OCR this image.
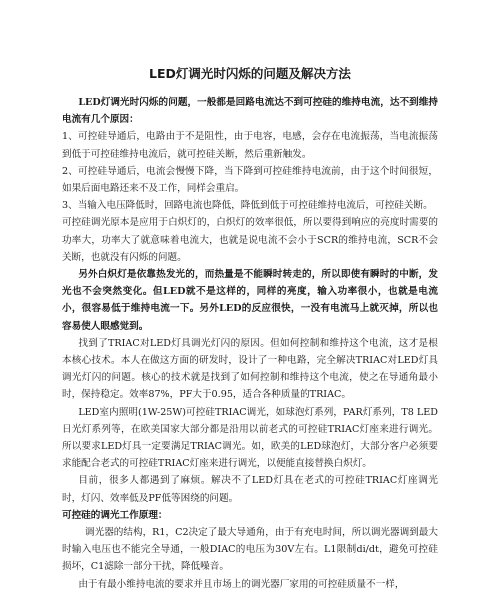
LED灯调光时闪烁的问题及解决方法

LED灯调光时闪烁的问题，一般都是回路电流达不到可控硅的维持电流，达不到维持电流有几个原因：

1、可控硅导通后，电路由于不是阻性，由于电容，电感，会存在电流振荡，当电流振荡到低于可控硅维持电流后，就可控硅关断，然后重新触发。

2、可控硅导通后，电流会慢慢下降，当下降到可控硅维持电流前，由于这个时间很短，如果后面电路还来不及工作，同样会重启。

3、当输入电压降低时，回路电流也降低，降低到低于可控硅维持电流后，可控硅关断。

可控硅调光原本是应用于白炽灯的，白炽灯的效率很低，所以要得到响应的亮度时需要的功率大，功率大了就意味着电流大，也就是说电流不会小于SCR的维持电流，SCR不会关断，也就没有闪烁的问题。

另外白炽灯是依靠热发光的，而热量是不能瞬时转走的，所以即使有瞬时的中断，发光也不会突然变化。但LED就不是这样的，同样的亮度，输入功率很小，也就是电流小，很容易低于维持电流一下。另外LED的反应很快，一没有电流马上就灭掉，所以也容易使人眼感觉到。

找到了TRIAC对LED灯具调光灯闪的原因。但如何控制和维持这个电流，这才是根本核心技术。本人在做这方面的研发时，设计了一种电路，完全解决TRIAC对LED灯具调光灯闪的问题。核心的技术就是找到了如何控制和维持这个电流，使之在导通角最小时，保持稳定。效率87%，PF大于0.95，适合各种质量的TRIAC。

LED室内照明(1W-25W)可控硅TRIAC调光，如球泡灯系列，PAR灯系列，T8 LED日光灯系列等，在欧美国家大部分都是沿用以前老式的可控硅TRIAC灯座来进行调光。所以要求LED灯具一定要满足TRIAC调光。如，欧美的LED球泡灯，大部分客户必须要求能配合老式的可控硅TRIAC灯座来进行调光，以便能直接替换白炽灯。

目前，很多人都遇到了麻烦。解决不了LED灯具在老式的可控硅TRIAC灯座调光时，灯闪、效率低及PF低等困绕的问题。

可控硅的调光工作原理：

调光器的结构，R1，C2决定了最大导通角，由于有充电时间，所以调光器调到最大时输入电压也不能完全导通，一般DIAC的电压为30V左右。L1限制di/dt，避免可控硅损坏，C1滤除一部分干扰，降低噪音。

由于有最小维持电流的要求并且市场上的调光器厂家用的可控硅质量不一样，
